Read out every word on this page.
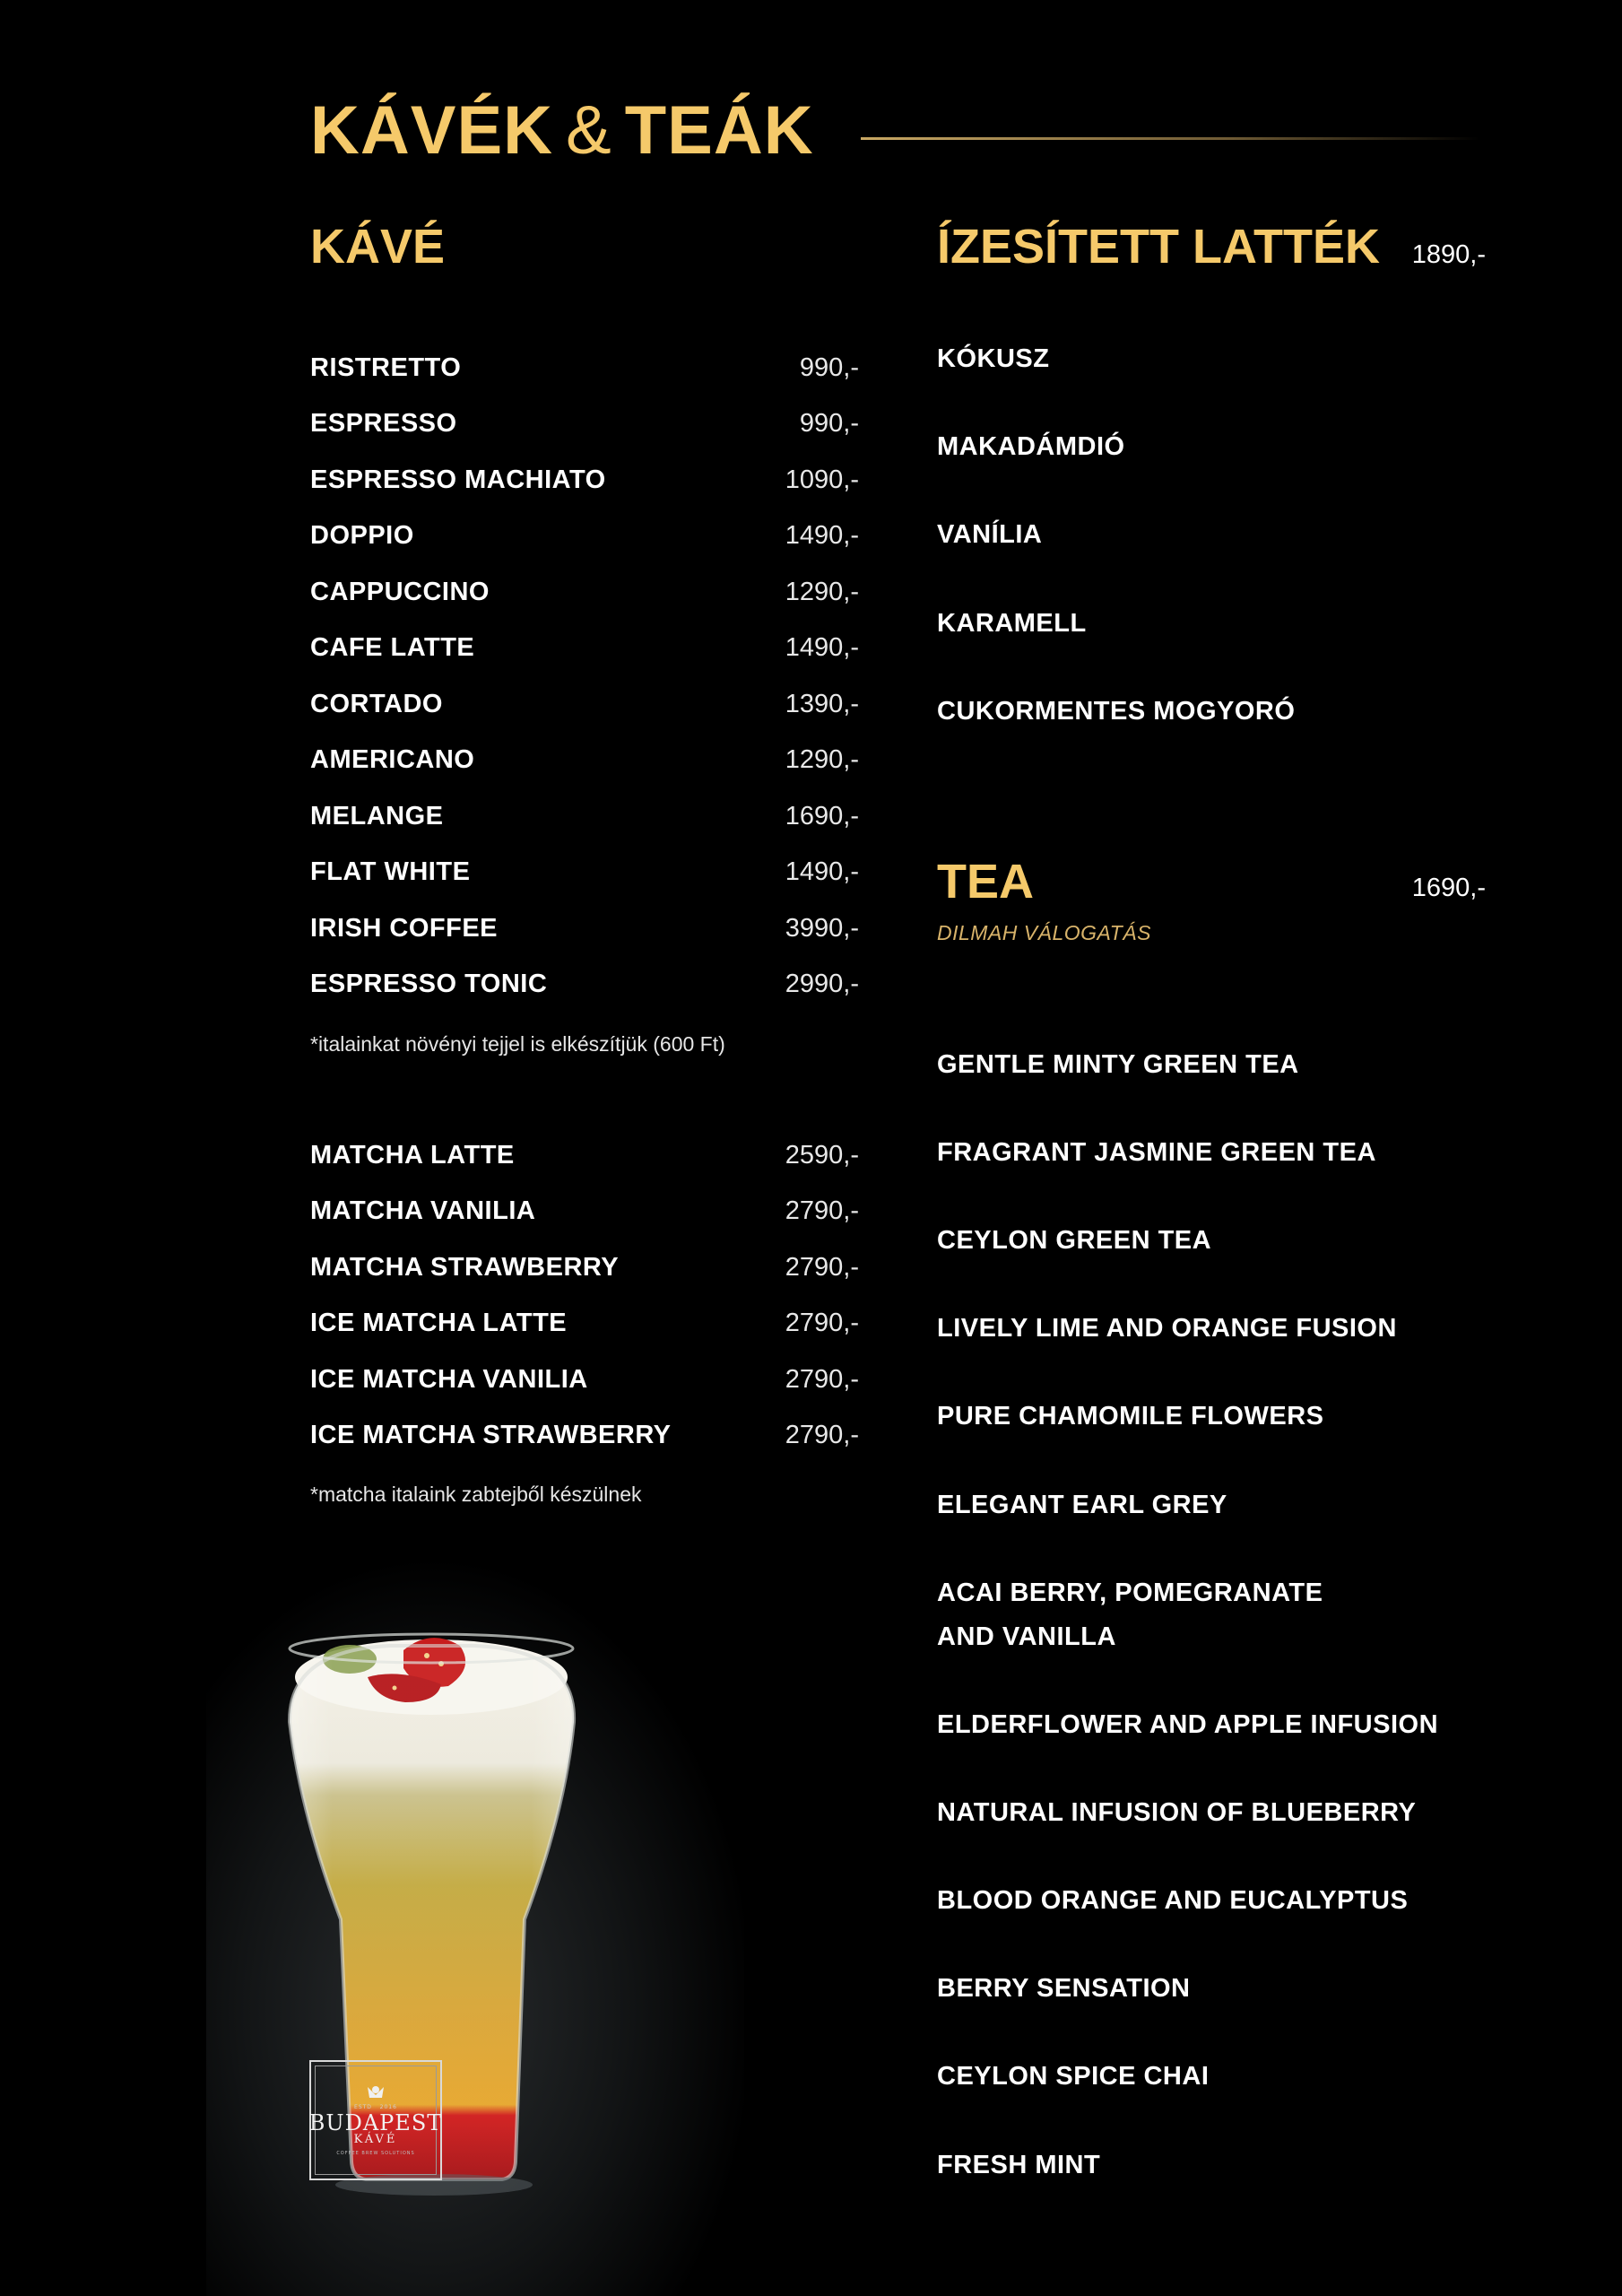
KÁVÉK & TEÁK
KÁVÉ
RISTRETTO	990,-
ESPRESSO	990,-
ESPRESSO MACHIATO	1090,-
DOPPIO	1490,-
CAPPUCCINO	1290,-
CAFE LATTE	1490,-
CORTADO	1390,-
AMERICANO	1290,-
MELANGE	1690,-
FLAT WHITE	1490,-
IRISH COFFEE	3990,-
ESPRESSO TONIC	2990,-
*italainkat növényi tejjel is elkészítjük (600 Ft)
MATCHA LATTE	2590,-
MATCHA VANILIA	2790,-
MATCHA STRAWBERRY	2790,-
ICE MATCHA LATTE	2790,-
ICE MATCHA VANILIA	2790,-
ICE MATCHA STRAWBERRY	2790,-
*matcha italaink zabtejből készülnek
ÍZESÍTETT LATTÉK 1890,-
KÓKUSZ
MAKADÁMDIÓ
VANÍLIA
KARAMELL
CUKORMENTES MOGYORÓ
TEA	1690,-
DILMAH VÁLOGATÁS
GENTLE MINTY GREEN TEA
FRAGRANT JASMINE GREEN TEA
CEYLON GREEN TEA
LIVELY LIME AND ORANGE FUSION
PURE CHAMOMILE FLOWERS
ELEGANT EARL GREY
ACAI BERRY, POMEGRANATE
AND VANILLA
ELDERFLOWER AND APPLE INFUSION
NATURAL INFUSION OF BLUEBERRY
BLOOD ORANGE AND EUCALYPTUS
BERRY SENSATION
CEYLON SPICE CHAI
FRESH MINT
ESTD 2016
BUDAPEST
KÁVÉ
COFFEE BREW SOLUTIONS
